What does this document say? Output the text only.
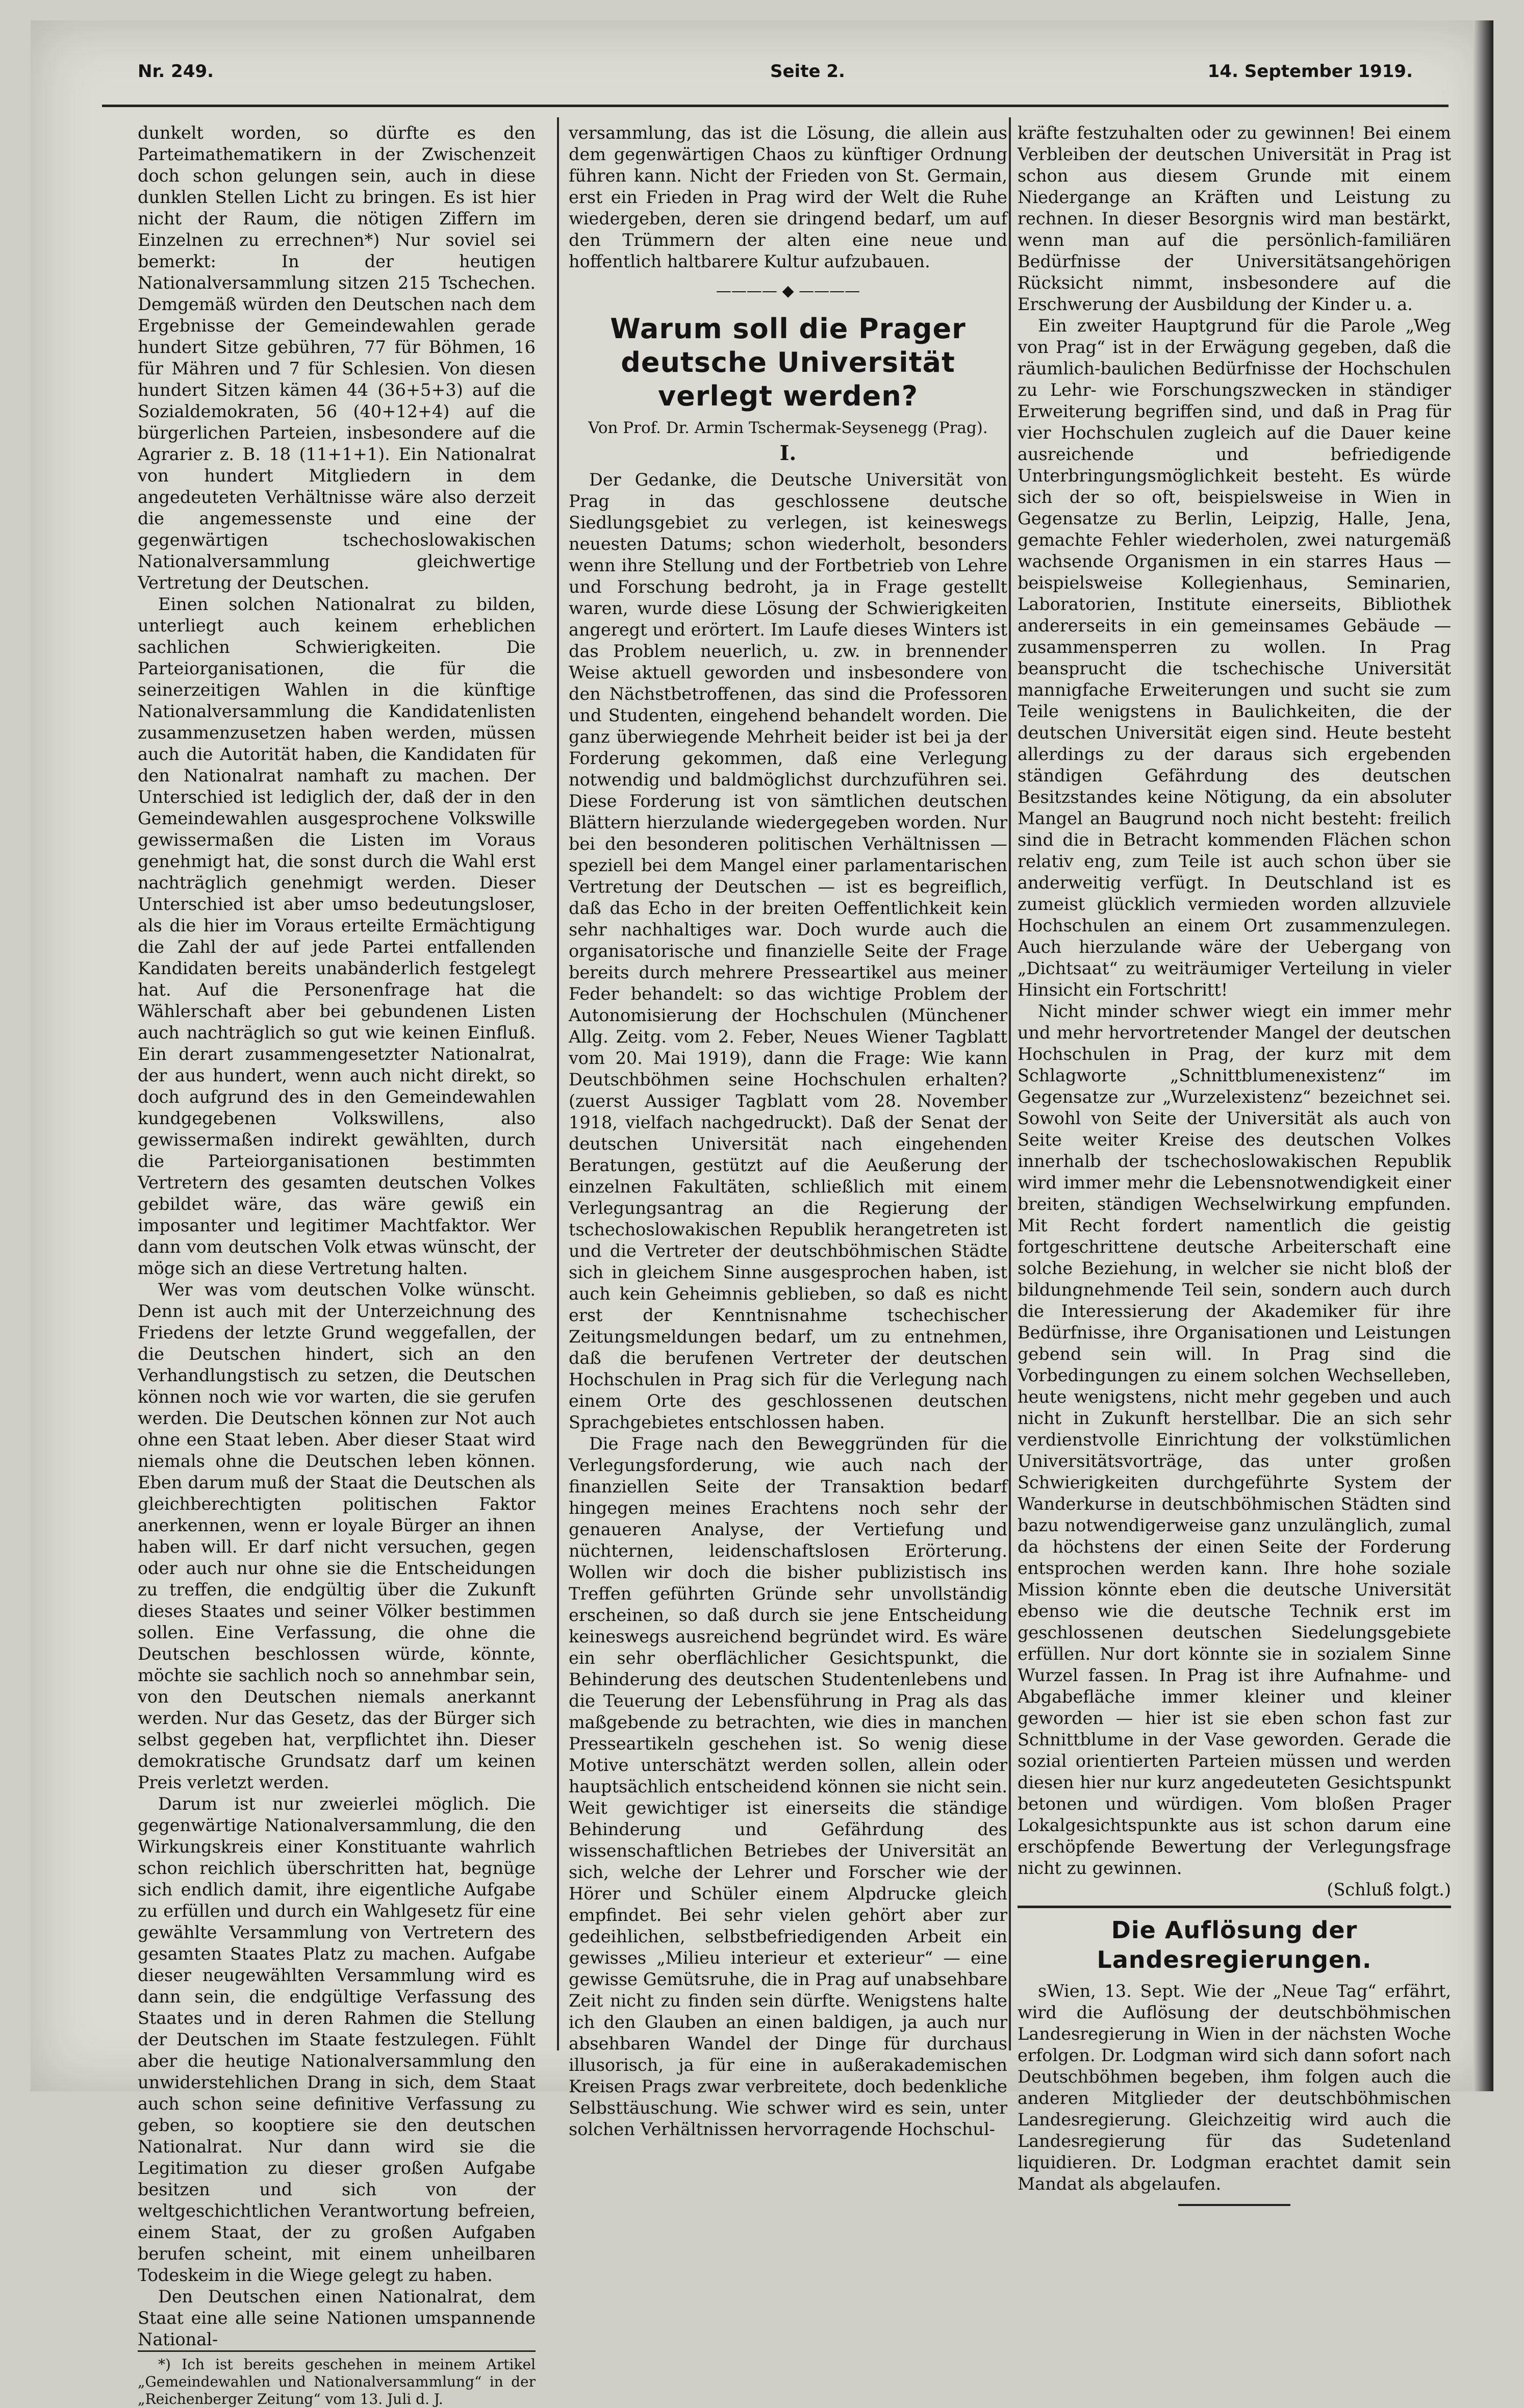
Nr. 249.	Seite 2.	14. September 1919.

dunkelt worden, so dürfte es den Parteimathematikern in der Zwischenzeit doch schon gelungen sein, auch in diese dunklen Stellen Licht zu bringen. Es ist hier nicht der Raum, die nötigen Ziffern im Einzelnen zu errechnen*) Nur soviel sei bemerkt: In der heutigen Nationalversammlung sitzen 215 Tschechen. Demgemäß würden den Deutschen nach dem Ergebnisse der Gemeindewahlen gerade hundert Sitze gebühren, 77 für Böhmen, 16 für Mähren und 7 für Schlesien. Von diesen hundert Sitzen kämen 44 (36+5+3) auf die Sozialdemokraten, 56 (40+12+4) auf die bürgerlichen Parteien, insbesondere auf die Agrarier z. B. 18 (11+1+1). Ein Nationalrat von hundert Mitgliedern in dem angedeuteten Verhältnisse wäre also derzeit die angemessenste und eine der gegenwärtigen tschechoslowakischen Nationalversammlung gleichwertige Vertretung der Deutschen.

Einen solchen Nationalrat zu bilden, unterliegt auch keinem erheblichen sachlichen Schwierigkeiten. Die Parteiorganisationen, die für die seinerzeitigen Wahlen in die künftige Nationalversammlung die Kandidatenlisten zusammenzusetzen haben werden, müssen auch die Autorität haben, die Kandidaten für den Nationalrat namhaft zu machen. Der Unterschied ist lediglich der, daß der in den Gemeindewahlen ausgesprochene Volkswille gewissermaßen die Listen im Voraus genehmigt hat, die sonst durch die Wahl erst nachträglich genehmigt werden. Dieser Unterschied ist aber umso bedeutungsloser, als die hier im Voraus erteilte Ermächtigung die Zahl der auf jede Partei entfallenden Kandidaten bereits unabänderlich festgelegt hat. Auf die Personenfrage hat die Wählerschaft aber bei gebundenen Listen auch nachträglich so gut wie keinen Einfluß. Ein derart zusammengesetzter Nationalrat, der aus hundert, wenn auch nicht direkt, so doch aufgrund des in den Gemeindewahlen kundgegebenen Volkswillens, also gewissermaßen indirekt gewählten, durch die Parteiorganisationen bestimmten Vertretern des gesamten deutschen Volkes gebildet wäre, das wäre gewiß ein imposanter und legitimer Machtfaktor. Wer dann vom deutschen Volk etwas wünscht, der möge sich an diese Vertretung halten.

Wer was vom deutschen Volke wünscht. Denn ist auch mit der Unterzeichnung des Friedens der letzte Grund weggefallen, der die Deutschen hindert, sich an den Verhandlungstisch zu setzen, die Deutschen können noch wie vor warten, die sie gerufen werden. Die Deutschen können zur Not auch ohne een Staat leben. Aber dieser Staat wird niemals ohne die Deutschen leben können. Eben darum muß der Staat die Deutschen als gleichberechtigten politischen Faktor anerkennen, wenn er loyale Bürger an ihnen haben will. Er darf nicht versuchen, gegen oder auch nur ohne sie die Entscheidungen zu treffen, die endgültig über die Zukunft dieses Staates und seiner Völker bestimmen sollen. Eine Verfassung, die ohne die Deutschen beschlossen würde, könnte, möchte sie sachlich noch so annehmbar sein, von den Deutschen niemals anerkannt werden. Nur das Gesetz, das der Bürger sich selbst gegeben hat, verpflichtet ihn. Dieser demokratische Grundsatz darf um keinen Preis verletzt werden.

Darum ist nur zweierlei möglich. Die gegenwärtige Nationalversammlung, die den Wirkungskreis einer Konstituante wahrlich schon reichlich überschritten hat, begnüge sich endlich damit, ihre eigentliche Aufgabe zu erfüllen und durch ein Wahlgesetz für eine gewählte Versammlung von Vertretern des gesamten Staates Platz zu machen. Aufgabe dieser neugewählten Versammlung wird es dann sein, die endgültige Verfassung des Staates und in deren Rahmen die Stellung der Deutschen im Staate festzulegen. Fühlt aber die heutige Nationalversammlung den unwiderstehlichen Drang in sich, dem Staat auch schon seine definitive Verfassung zu geben, so kooptiere sie den deutschen Nationalrat. Nur dann wird sie die Legitimation zu dieser großen Aufgabe besitzen und sich von der weltgeschichtlichen Verantwortung befreien, einem Staat, der zu großen Aufgaben berufen scheint, mit einem unheilbaren Todeskeim in die Wiege gelegt zu haben.

Den Deutschen einen Nationalrat, dem Staat eine alle seine Nationen umspannende National-

*) Ich ist bereits geschehen in meinem Artikel „Gemeindewahlen und Nationalversammlung“ in der „Reichenberger Zeitung“ vom 13. Juli d. J.

versammlung, das ist die Lösung, die allein aus dem gegenwärtigen Chaos zu künftiger Ordnung führen kann. Nicht der Frieden von St. Germain, erst ein Frieden in Prag wird der Welt die Ruhe wiedergeben, deren sie dringend bedarf, um auf den Trümmern der alten eine neue und hoffentlich haltbarere Kultur aufzubauen.

———— ◆ ————
Warum soll die Prager deutsche Universität verlegt werden?
Von Prof. Dr. Armin Tschermak-Seysenegg (Prag).
I.

Der Gedanke, die Deutsche Universität von Prag in das geschlossene deutsche Siedlungsgebiet zu verlegen, ist keineswegs neuesten Datums; schon wiederholt, besonders wenn ihre Stellung und der Fortbetrieb von Lehre und Forschung bedroht, ja in Frage gestellt waren, wurde diese Lösung der Schwierigkeiten angeregt und erörtert. Im Laufe dieses Winters ist das Problem neuerlich, u. zw. in brennender Weise aktuell geworden und insbesondere von den Nächstbetroffenen, das sind die Professoren und Studenten, eingehend behandelt worden. Die ganz überwiegende Mehrheit beider ist bei ja der Forderung gekommen, daß eine Verlegung notwendig und baldmöglichst durchzuführen sei. Diese Forderung ist von sämtlichen deutschen Blättern hierzulande wiedergegeben worden. Nur bei den besonderen politischen Verhältnissen — speziell bei dem Mangel einer parlamentarischen Vertretung der Deutschen — ist es begreiflich, daß das Echo in der breiten Oeffentlichkeit kein sehr nachhaltiges war. Doch wurde auch die organisatorische und finanzielle Seite der Frage bereits durch mehrere Presseartikel aus meiner Feder behandelt: so das wichtige Problem der Autonomisierung der Hochschulen (Münchener Allg. Zeitg. vom 2. Feber, Neues Wiener Tagblatt vom 20. Mai 1919), dann die Frage: Wie kann Deutschböhmen seine Hochschulen erhalten? (zuerst Aussiger Tagblatt vom 28. November 1918, vielfach nachgedruckt). Daß der Senat der deutschen Universität nach eingehenden Beratungen, gestützt auf die Aeußerung der einzelnen Fakultäten, schließlich mit einem Verlegungsantrag an die Regierung der tschechoslowakischen Republik herangetreten ist und die Vertreter der deutschböhmischen Städte sich in gleichem Sinne ausgesprochen haben, ist auch kein Geheimnis geblieben, so daß es nicht erst der Kenntnisnahme tschechischer Zeitungsmeldungen bedarf, um zu entnehmen, daß die berufenen Vertreter der deutschen Hochschulen in Prag sich für die Verlegung nach einem Orte des geschlossenen deutschen Sprachgebietes entschlossen haben.

Die Frage nach den Beweggründen für die Verlegungsforderung, wie auch nach der finanziellen Seite der Transaktion bedarf hingegen meines Erachtens noch sehr der genaueren Analyse, der Vertiefung und nüchternen, leidenschaftslosen Erörterung. Wollen wir doch die bisher publizistisch ins Treffen geführten Gründe sehr unvollständig erscheinen, so daß durch sie jene Entscheidung keineswegs ausreichend begründet wird. Es wäre ein sehr oberflächlicher Gesichtspunkt, die Behinderung des deutschen Studentenlebens und die Teuerung der Lebensführung in Prag als das maßgebende zu betrachten, wie dies in manchen Presseartikeln geschehen ist. So wenig diese Motive unterschätzt werden sollen, allein oder hauptsächlich entscheidend können sie nicht sein. Weit gewichtiger ist einerseits die ständige Behinderung und Gefährdung des wissenschaftlichen Betriebes der Universität an sich, welche der Lehrer und Forscher wie der Hörer und Schüler einem Alpdrucke gleich empfindet. Bei sehr vielen gehört aber zur gedeihlichen, selbstbefriedigenden Arbeit ein gewisses „Milieu interieur et exterieur“ — eine gewisse Gemütsruhe, die in Prag auf unabsehbare Zeit nicht zu finden sein dürfte. Wenigstens halte ich den Glauben an einen baldigen, ja auch nur absehbaren Wandel der Dinge für durchaus illusorisch, ja für eine in außerakademischen Kreisen Prags zwar verbreitete, doch bedenkliche Selbsttäuschung. Wie schwer wird es sein, unter solchen Verhältnissen hervorragende Hochschul-

kräfte festzuhalten oder zu gewinnen! Bei einem Verbleiben der deutschen Universität in Prag ist schon aus diesem Grunde mit einem Niedergange an Kräften und Leistung zu rechnen. In dieser Besorgnis wird man bestärkt, wenn man auf die persönlich-familiären Bedürfnisse der Universitätsangehörigen Rücksicht nimmt, insbesondere auf die Erschwerung der Ausbildung der Kinder u. a.

Ein zweiter Hauptgrund für die Parole „Weg von Prag“ ist in der Erwägung gegeben, daß die räumlich-baulichen Bedürfnisse der Hochschulen zu Lehr- wie Forschungszwecken in ständiger Erweiterung begriffen sind, und daß in Prag für vier Hochschulen zugleich auf die Dauer keine ausreichende und befriedigende Unterbringungsmöglichkeit besteht. Es würde sich der so oft, beispielsweise in Wien in Gegensatze zu Berlin, Leipzig, Halle, Jena, gemachte Fehler wiederholen, zwei naturgemäß wachsende Organismen in ein starres Haus — beispielsweise Kollegienhaus, Seminarien, Laboratorien, Institute einerseits, Bibliothek andererseits in ein gemeinsames Gebäude — zusammensperren zu wollen. In Prag beansprucht die tschechische Universität mannigfache Erweiterungen und sucht sie zum Teile wenigstens in Baulichkeiten, die der deutschen Universität eigen sind. Heute besteht allerdings zu der daraus sich ergebenden ständigen Gefährdung des deutschen Besitzstandes keine Nötigung, da ein absoluter Mangel an Baugrund noch nicht besteht: freilich sind die in Betracht kommenden Flächen schon relativ eng, zum Teile ist auch schon über sie anderweitig verfügt. In Deutschland ist es zumeist glücklich vermieden worden allzuviele Hochschulen an einem Ort zusammenzulegen. Auch hierzulande wäre der Uebergang von „Dichtsaat“ zu weiträumiger Verteilung in vieler Hinsicht ein Fortschritt!

Nicht minder schwer wiegt ein immer mehr und mehr hervortretender Mangel der deutschen Hochschulen in Prag, der kurz mit dem Schlagworte „Schnittblumenexistenz“ im Gegensatze zur „Wurzelexistenz“ bezeichnet sei. Sowohl von Seite der Universität als auch von Seite weiter Kreise des deutschen Volkes innerhalb der tschechoslowakischen Republik wird immer mehr die Lebensnotwendigkeit einer breiten, ständigen Wechselwirkung empfunden. Mit Recht fordert namentlich die geistig fortgeschrittene deutsche Arbeiterschaft eine solche Beziehung, in welcher sie nicht bloß der bildungnehmende Teil sein, sondern auch durch die Interessierung der Akademiker für ihre Bedürfnisse, ihre Organisationen und Leistungen gebend sein will. In Prag sind die Vorbedingungen zu einem solchen Wechselleben, heute wenigstens, nicht mehr gegeben und auch nicht in Zukunft herstellbar. Die an sich sehr verdienstvolle Einrichtung der volkstümlichen Universitätsvorträge, das unter großen Schwierigkeiten durchgeführte System der Wanderkurse in deutschböhmischen Städten sind bazu notwendigerweise ganz unzulänglich, zumal da höchstens der einen Seite der Forderung entsprochen werden kann. Ihre hohe soziale Mission könnte eben die deutsche Universität ebenso wie die deutsche Technik erst im geschlossenen deutschen Siedelungsgebiete erfüllen. Nur dort könnte sie in sozialem Sinne Wurzel fassen. In Prag ist ihre Aufnahme- und Abgabefläche immer kleiner und kleiner geworden — hier ist sie eben schon fast zur Schnittblume in der Vase geworden. Gerade die sozial orientierten Parteien müssen und werden diesen hier nur kurz angedeuteten Gesichtspunkt betonen und würdigen. Vom bloßen Prager Lokalgesichtspunkte aus ist schon darum eine erschöpfende Bewertung der Verlegungsfrage nicht zu gewinnen.

(Schluß folgt.)

Die Auflösung der Landesregierungen.

sWien, 13. Sept. Wie der „Neue Tag“ erfährt, wird die Auflösung der deutschböhmischen Landesregierung in Wien in der nächsten Woche erfolgen. Dr. Lodgman wird sich dann sofort nach Deutschböhmen begeben, ihm folgen auch die anderen Mitglieder der deutschböhmischen Landesregierung. Gleichzeitig wird auch die Landesregierung für das Sudetenland liquidieren. Dr. Lodgman erachtet damit sein Mandat als abgelaufen.
